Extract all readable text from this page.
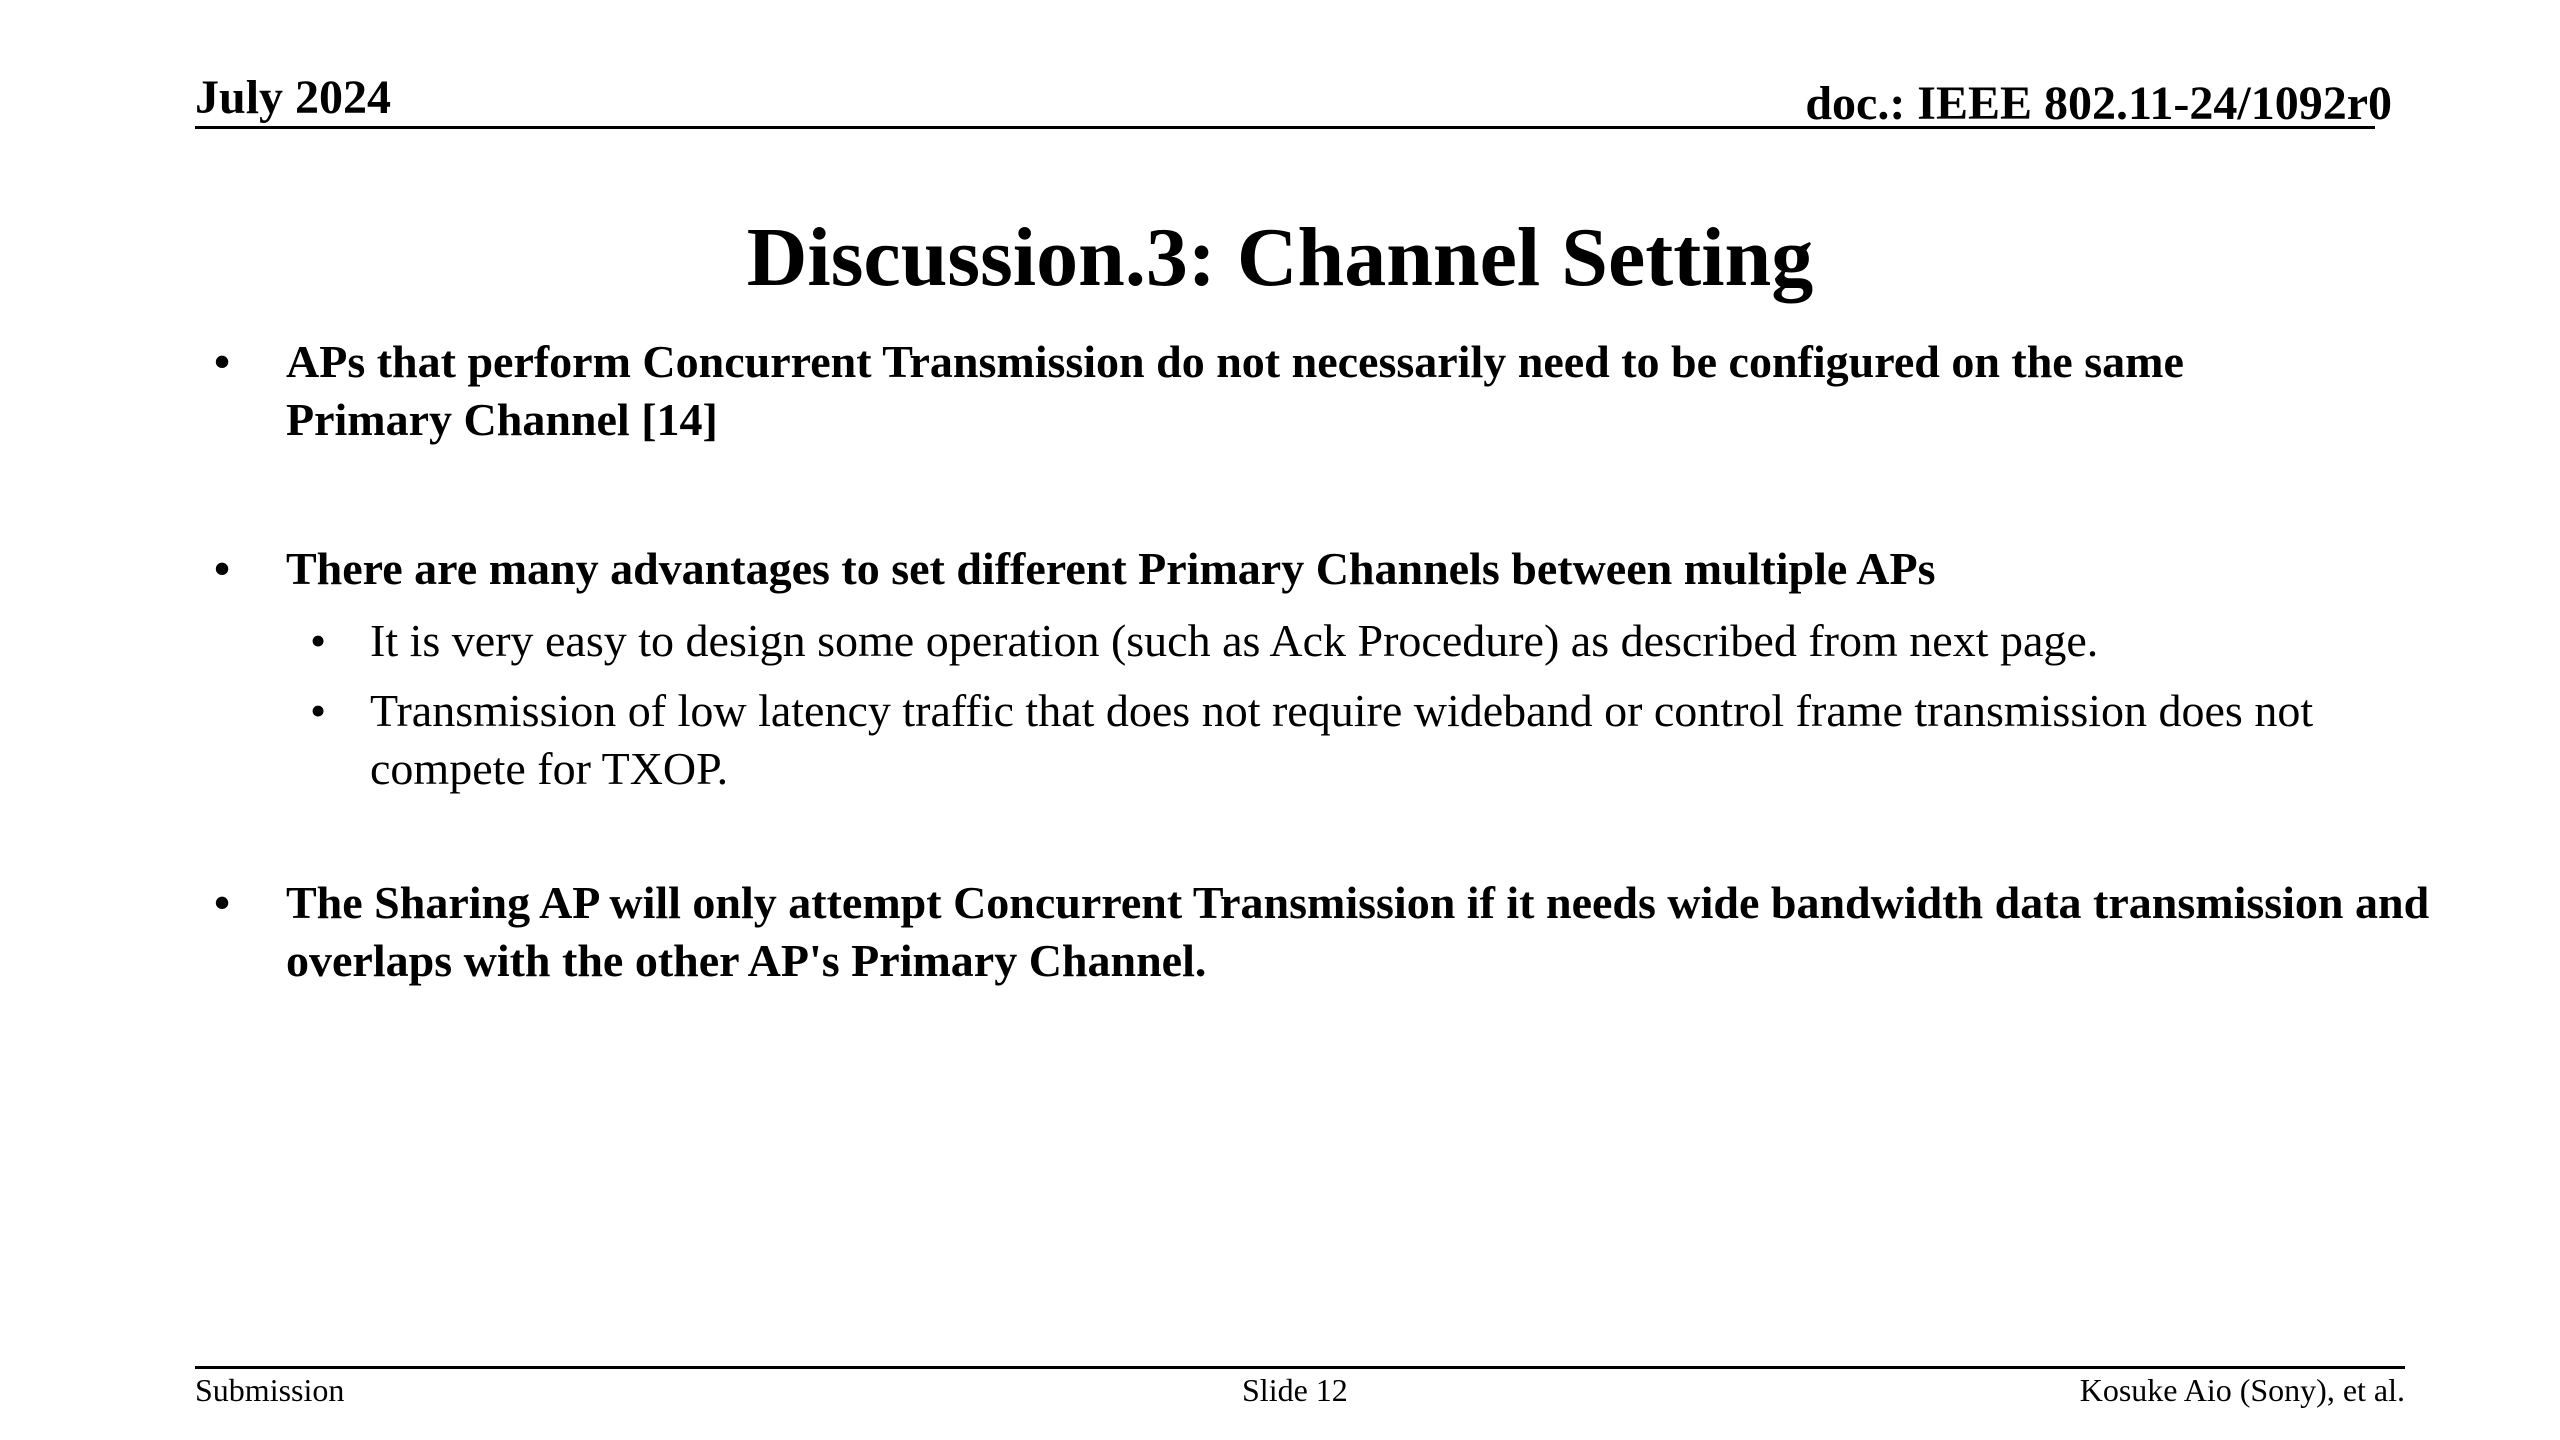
July 2024	doc.: IEEE 802.11-24/1092r0
Discussion.3: Channel Setting
• APs that perform Concurrent Transmission do not necessarily need to be configured on the same Primary Channel [14]
• There are many advantages to set different Primary Channels between multiple APs
• It is very easy to design some operation (such as Ack Procedure) as described from next page.
• Transmission of low latency traffic that does not require wideband or control frame transmission does not compete for TXOP.
• The Sharing AP will only attempt Concurrent Transmission if it needs wide bandwidth data transmission and overlaps with the other AP's Primary Channel.
Submission	Slide 12	Kosuke Aio (Sony), et al.
